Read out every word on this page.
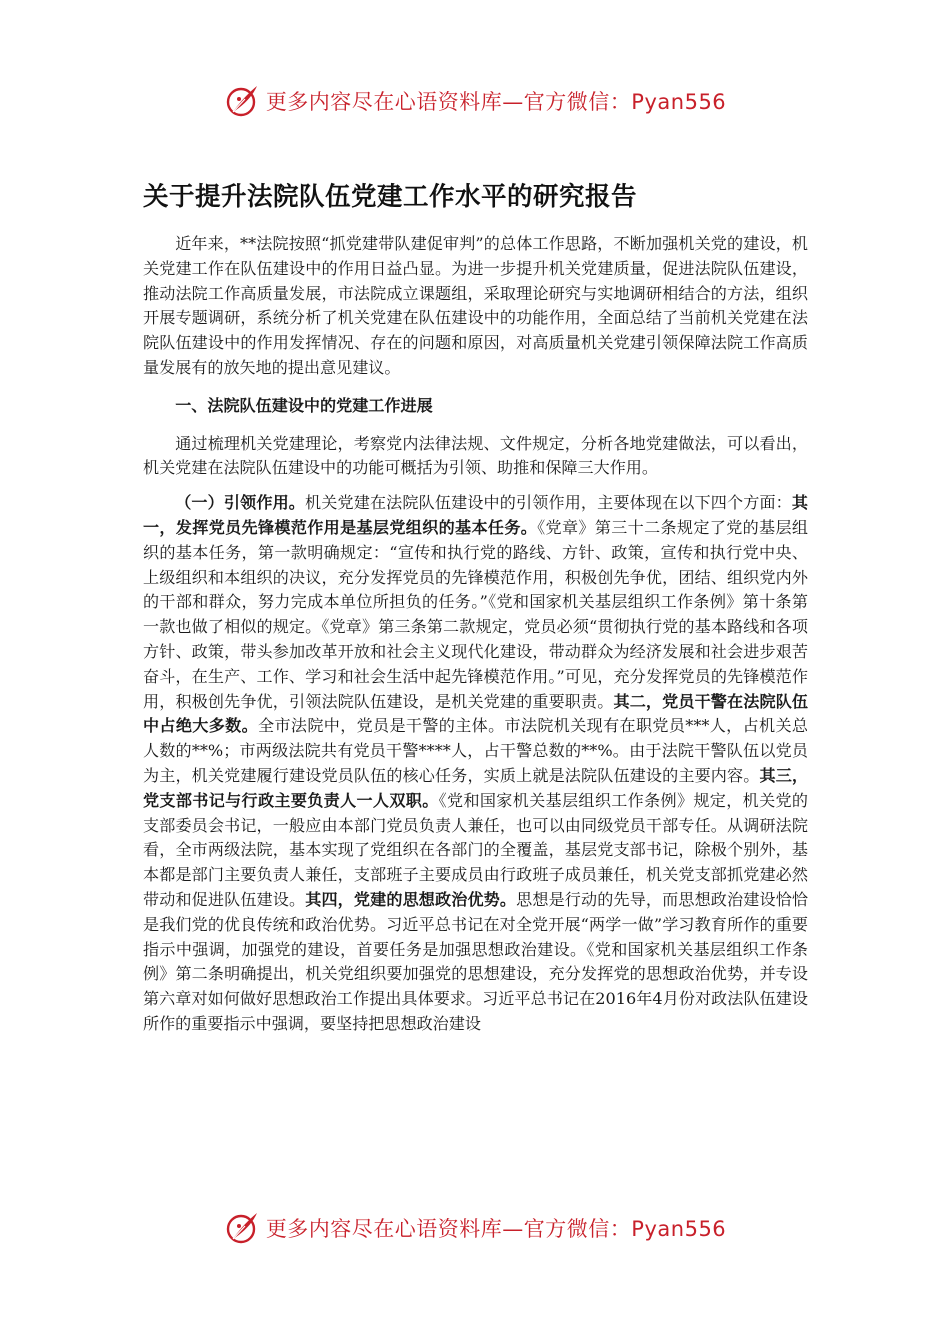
更多内容尽在心语资料库—官方微信：Pyan556
关于提升法院队伍党建工作水平的研究报告

近年来，**法院按照“抓党建带队建促审判”的总体工作思路，不断加强机关党的建设，机关党建工作在队伍建设中的作用日益凸显。为进一步提升机关党建质量，促进法院队伍建设，推动法院工作高质量发展，市法院成立课题组，采取理论研究与实地调研相结合的方法，组织开展专题调研，系统分析了机关党建在队伍建设中的功能作用，全面总结了当前机关党建在法院队伍建设中的作用发挥情况、存在的问题和原因，对高质量机关党建引领保障法院工作高质量发展有的放矢地的提出意见建议。

一、法院队伍建设中的党建工作进展

通过梳理机关党建理论，考察党内法律法规、文件规定，分析各地党建做法，可以看出，机关党建在法院队伍建设中的功能可概括为引领、助推和保障三大作用。

（一）引领作用。机关党建在法院队伍建设中的引领作用，主要体现在以下四个方面：其一，发挥党员先锋模范作用是基层党组织的基本任务。《党章》第三十二条规定了党的基层组织的基本任务，第一款明确规定：“宣传和执行党的路线、方针、政策，宣传和执行党中央、上级组织和本组织的决议，充分发挥党员的先锋模范作用，积极创先争优，团结、组织党内外的干部和群众，努力完成本单位所担负的任务。”《党和国家机关基层组织工作条例》第十条第一款也做了相似的规定。《党章》第三条第二款规定，党员必须“贯彻执行党的基本路线和各项方针、政策，带头参加改革开放和社会主义现代化建设，带动群众为经济发展和社会进步艰苦奋斗，在生产、工作、学习和社会生活中起先锋模范作用。”可见，充分发挥党员的先锋模范作用，积极创先争优，引领法院队伍建设，是机关党建的重要职责。其二，党员干警在法院队伍中占绝大多数。全市法院中，党员是干警的主体。市法院机关现有在职党员***人，占机关总人数的**%；市两级法院共有党员干警****人，占干警总数的**%。由于法院干警队伍以党员为主，机关党建履行建设党员队伍的核心任务，实质上就是法院队伍建设的主要内容。其三，党支部书记与行政主要负责人一人双职。《党和国家机关基层组织工作条例》规定，机关党的支部委员会书记，一般应由本部门党员负责人兼任，也可以由同级党员干部专任。从调研法院看，全市两级法院，基本实现了党组织在各部门的全覆盖，基层党支部书记，除极个别外，基本都是部门主要负责人兼任，支部班子主要成员由行政班子成员兼任，机关党支部抓党建必然带动和促进队伍建设。其四，党建的思想政治优势。思想是行动的先导，而思想政治建设恰恰是我们党的优良传统和政治优势。习近平总书记在对全党开展“两学一做”学习教育所作的重要指示中强调，加强党的建设，首要任务是加强思想政治建设。《党和国家机关基层组织工作条例》第二条明确提出，机关党组织要加强党的思想建设，充分发挥党的思想政治优势，并专设第六章对如何做好思想政治工作提出具体要求。习近平总书记在2016年4月份对政法队伍建设所作的重要指示中强调，要坚持把思想政治建设

更多内容尽在心语资料库—官方微信：Pyan556
